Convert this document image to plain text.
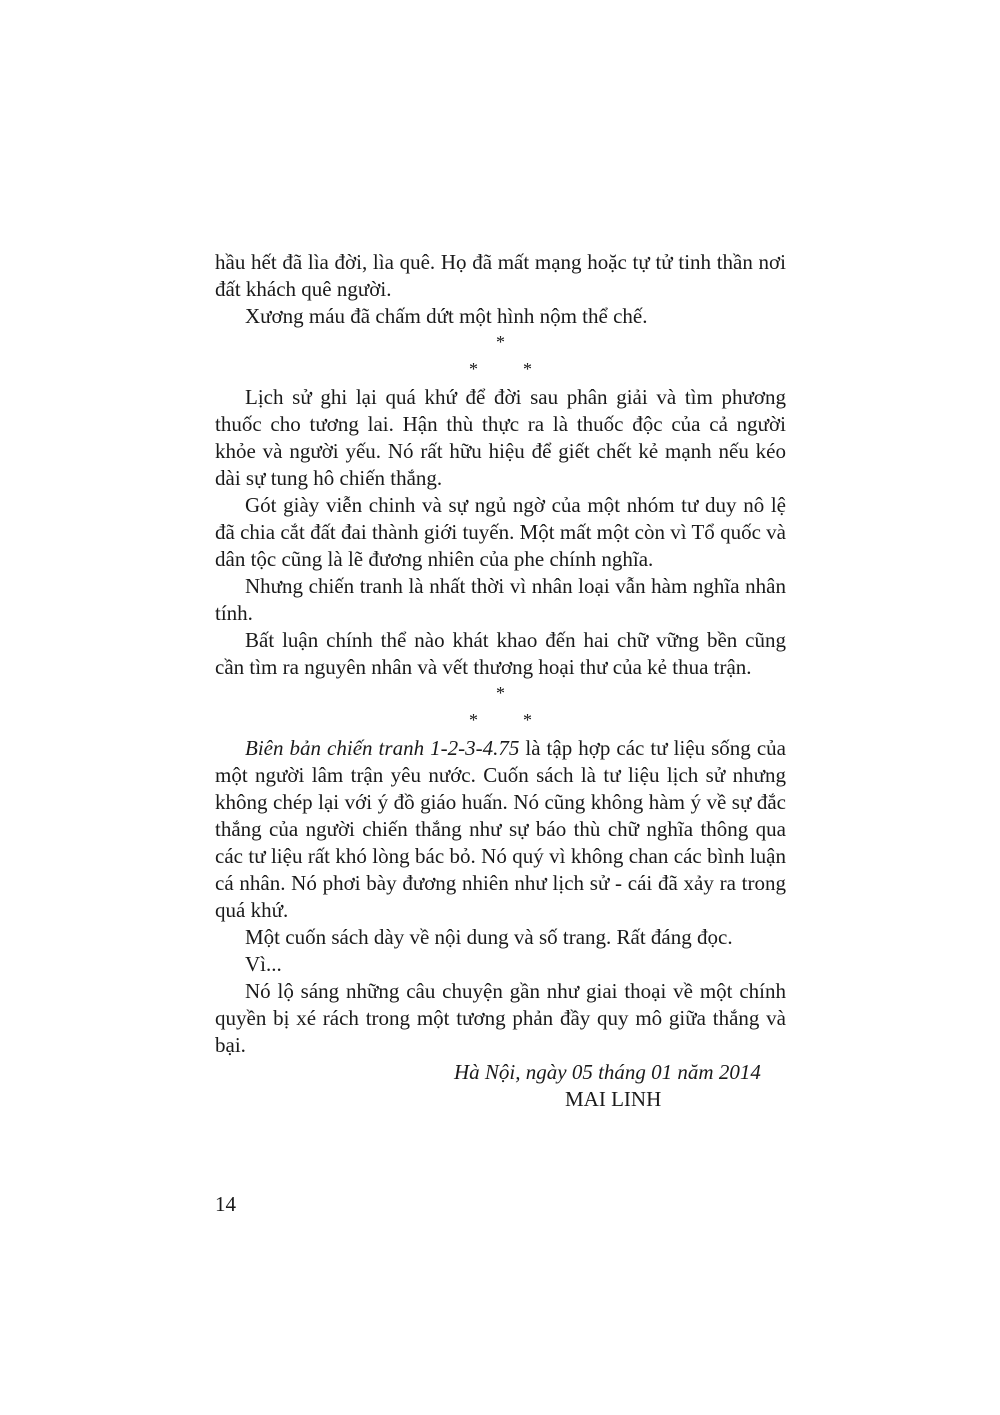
hầu hết đã lìa đời, lìa quê. Họ đã mất mạng hoặc tự tử tinh thần nơi đất khách quê người.

Xương máu đã chấm dứt một hình nộm thể chế.

*
*	*

Lịch sử ghi lại quá khứ để đời sau phân giải và tìm phương thuốc cho tương lai. Hận thù thực ra là thuốc độc của cả người khỏe và người yếu. Nó rất hữu hiệu để giết chết kẻ mạnh nếu kéo dài sự tung hô chiến thắng.

Gót giày viễn chinh và sự ngủ ngờ của một nhóm tư duy nô lệ đã chia cắt đất đai thành giới tuyến. Một mất một còn vì Tổ quốc và dân tộc cũng là lẽ đương nhiên của phe chính nghĩa.

Nhưng chiến tranh là nhất thời vì nhân loại vẫn hàm nghĩa nhân tính.

Bất luận chính thể nào khát khao đến hai chữ vững bền cũng cần tìm ra nguyên nhân và vết thương hoại thư của kẻ thua trận.

*
*	*

Biên bản chiến tranh 1-2-3-4.75 là tập hợp các tư liệu sống của một người lâm trận yêu nước. Cuốn sách là tư liệu lịch sử nhưng không chép lại với ý đồ giáo huấn. Nó cũng không hàm ý về sự đắc thắng của người chiến thắng như sự báo thù chữ nghĩa thông qua các tư liệu rất khó lòng bác bỏ. Nó quý vì không chan các bình luận cá nhân. Nó phơi bày đương nhiên như lịch sử - cái đã xảy ra trong quá khứ.

Một cuốn sách dày về nội dung và số trang. Rất đáng đọc.

Vì...

Nó lộ sáng những câu chuyện gần như giai thoại về một chính quyền bị xé rách trong một tương phản đầy quy mô giữa thắng và bại.

Hà Nội, ngày 05 tháng 01 năm 2014
MAI LINH
14
